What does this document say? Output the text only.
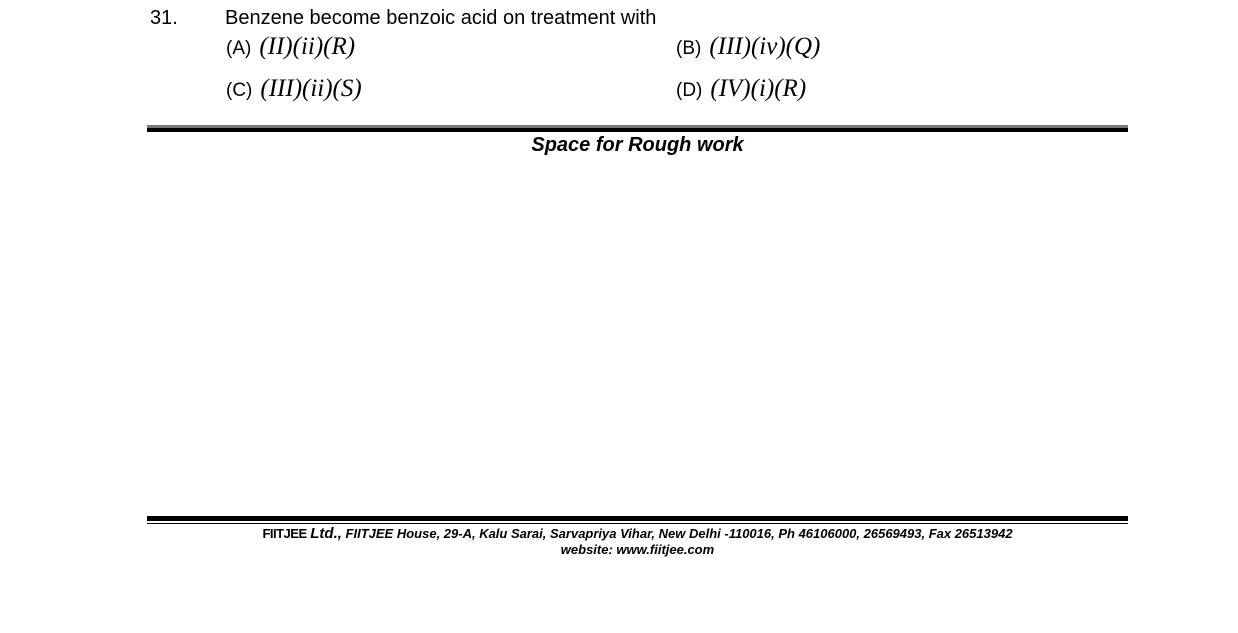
31. Benzene become benzoic acid on treatment with
(A) (II)(ii)(R)	(B) (III)(iv)(Q)
(C) (III)(ii)(S)	(D) (IV)(i)(R)
Space for Rough work
FIITJEE Ltd., FIITJEE House, 29-A, Kalu Sarai, Sarvapriya Vihar, New Delhi -110016, Ph 46106000, 26569493, Fax 26513942
website: www.fiitjee.com
